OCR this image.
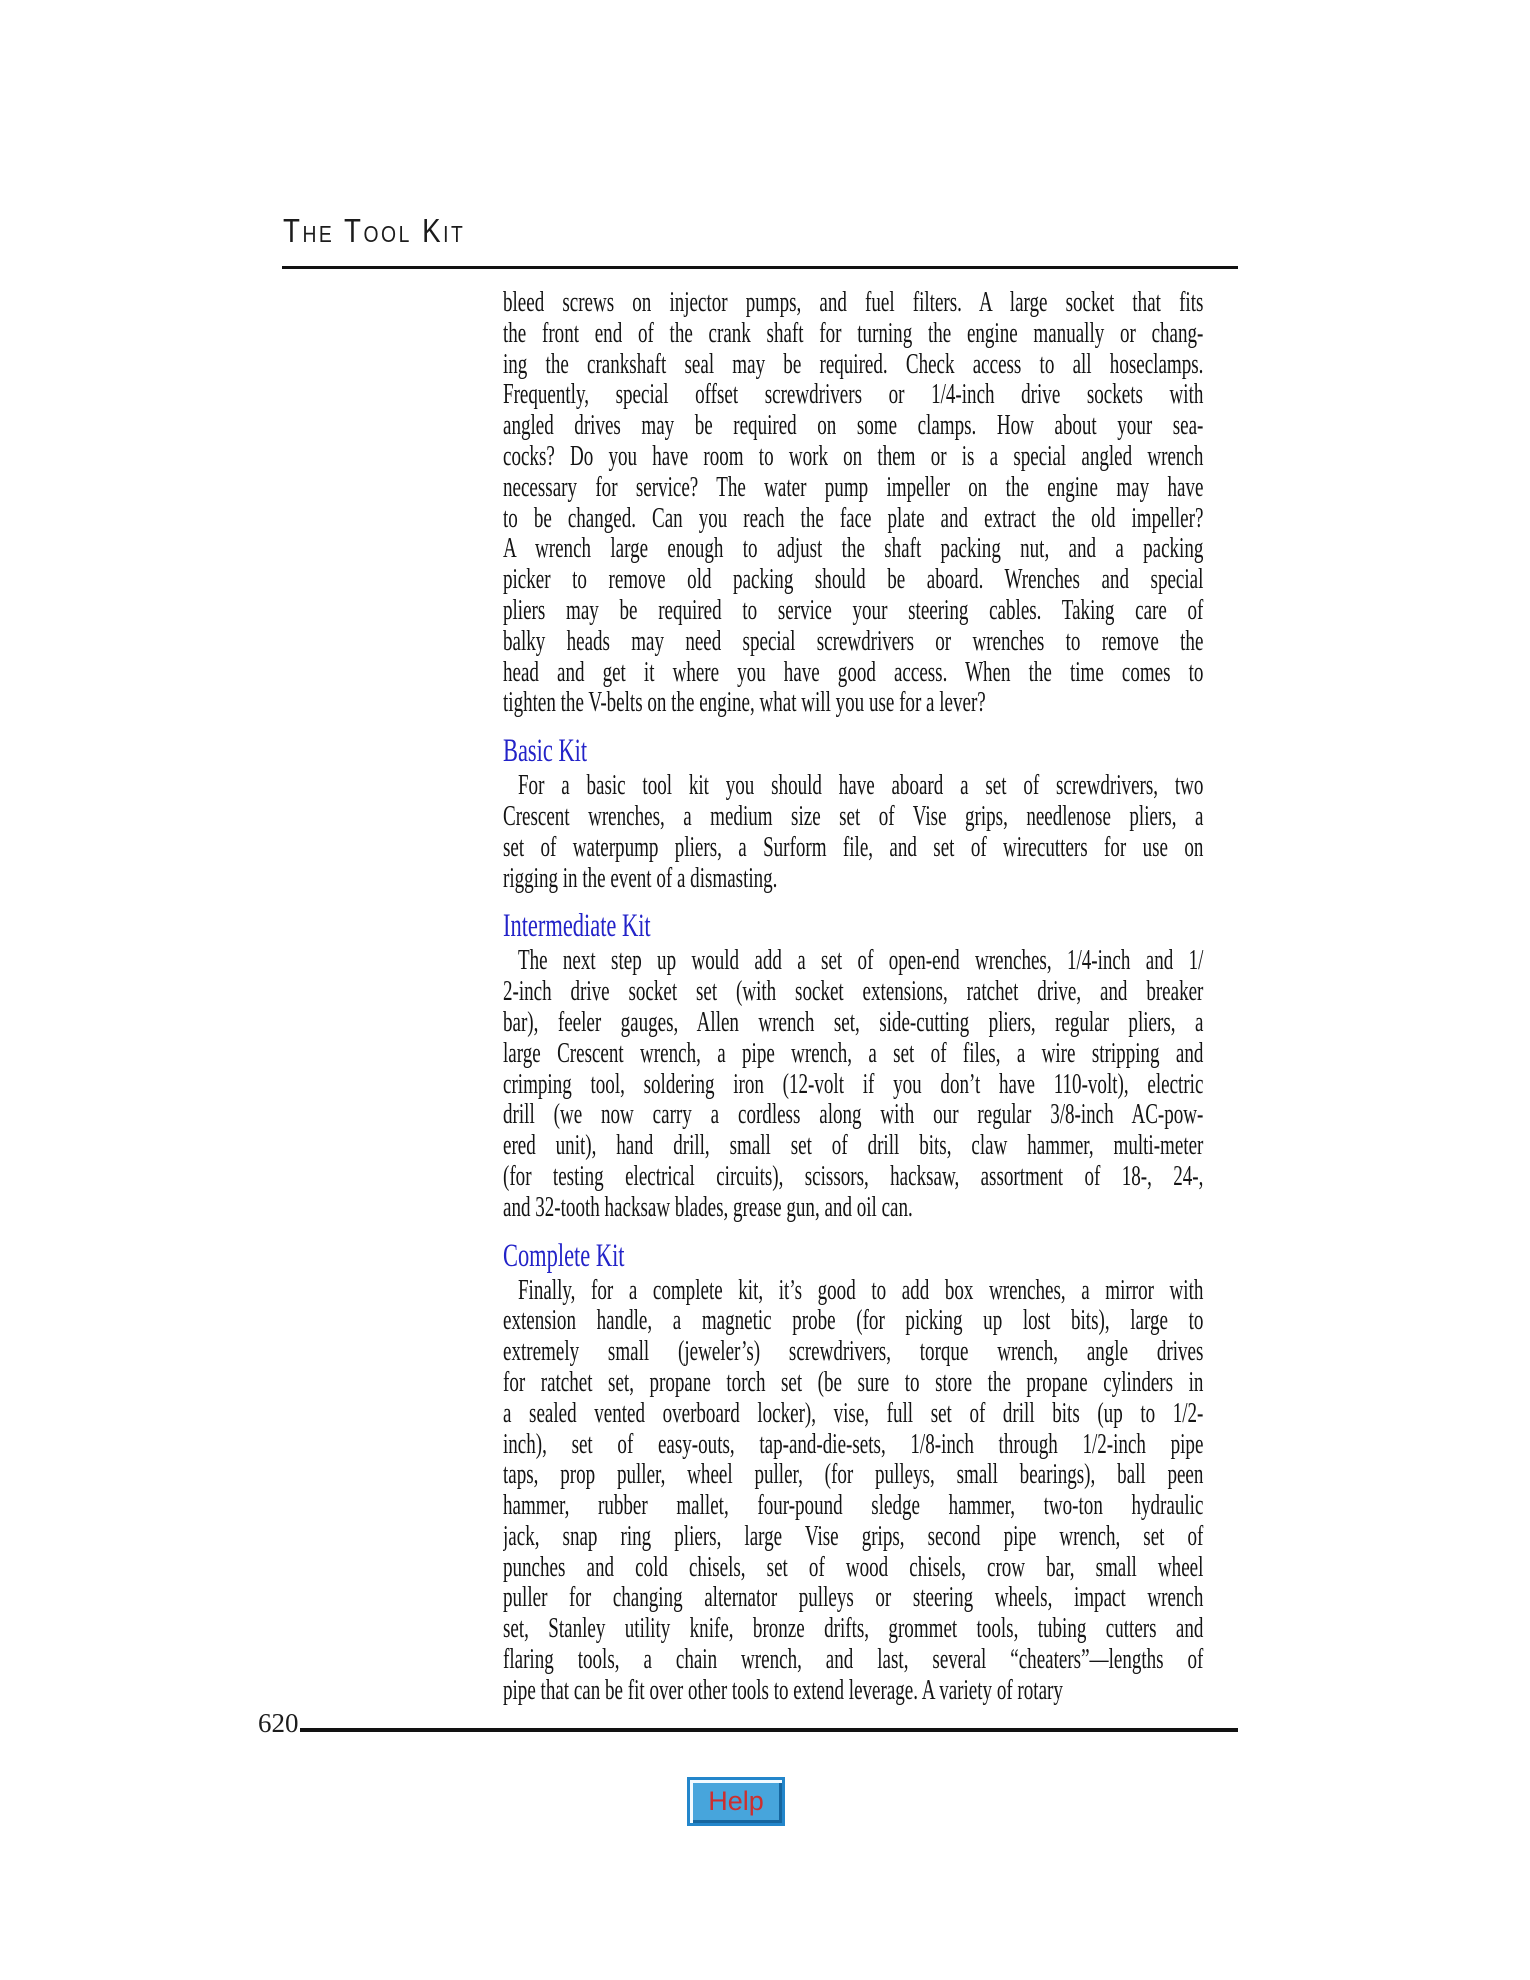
The Tool Kit
bleed screws on injector pumps, and fuel filters. A large socket that fits
the front end of the crank shaft for turning the engine manually or chang-
ing the crankshaft seal may be required. Check access to all hoseclamps.
Frequently, special offset screwdrivers or 1/4-inch drive sockets with
angled drives may be required on some clamps. How about your sea-
cocks? Do you have room to work on them or is a special angled wrench
necessary for service? The water pump impeller on the engine may have
to be changed. Can you reach the face plate and extract the old impeller?
A wrench large enough to adjust the shaft packing nut, and a packing
picker to remove old packing should be aboard. Wrenches and special
pliers may be required to service your steering cables. Taking care of
balky heads may need special screwdrivers or wrenches to remove the
head and get it where you have good access. When the time comes to
tighten the V-belts on the engine, what will you use for a lever?
Basic Kit
For a basic tool kit you should have aboard a set of screwdrivers, two
Crescent wrenches, a medium size set of Vise grips, needlenose pliers, a
set of waterpump pliers, a Surform file, and set of wirecutters for use on
rigging in the event of a dismasting.
Intermediate Kit
The next step up would add a set of open-end wrenches, 1/4-inch and 1/
2-inch drive socket set (with socket extensions, ratchet drive, and breaker
bar), feeler gauges, Allen wrench set, side-cutting pliers, regular pliers, a
large Crescent wrench, a pipe wrench, a set of files, a wire stripping and
crimping tool, soldering iron (12-volt if you don’t have 110-volt), electric
drill (we now carry a cordless along with our regular 3/8-inch AC-pow-
ered unit), hand drill, small set of drill bits, claw hammer, multi-meter
(for testing electrical circuits), scissors, hacksaw, assortment of 18-, 24-,
and 32-tooth hacksaw blades, grease gun, and oil can.
Complete Kit
Finally, for a complete kit, it’s good to add box wrenches, a mirror with
extension handle, a magnetic probe (for picking up lost bits), large to
extremely small (jeweler’s) screwdrivers, torque wrench, angle drives
for ratchet set, propane torch set (be sure to store the propane cylinders in
a sealed vented overboard locker), vise, full set of drill bits (up to 1/2-
inch), set of easy-outs, tap-and-die-sets, 1/8-inch through 1/2-inch pipe
taps, prop puller, wheel puller, (for pulleys, small bearings), ball peen
hammer, rubber mallet, four-pound sledge hammer, two-ton hydraulic
jack, snap ring pliers, large Vise grips, second pipe wrench, set of
punches and cold chisels, set of wood chisels, crow bar, small wheel
puller for changing alternator pulleys or steering wheels, impact wrench
set, Stanley utility knife, bronze drifts, grommet tools, tubing cutters and
flaring tools, a chain wrench, and last, several “cheaters”—lengths of
pipe that can be fit over other tools to extend leverage. A variety of rotary
620
Help
